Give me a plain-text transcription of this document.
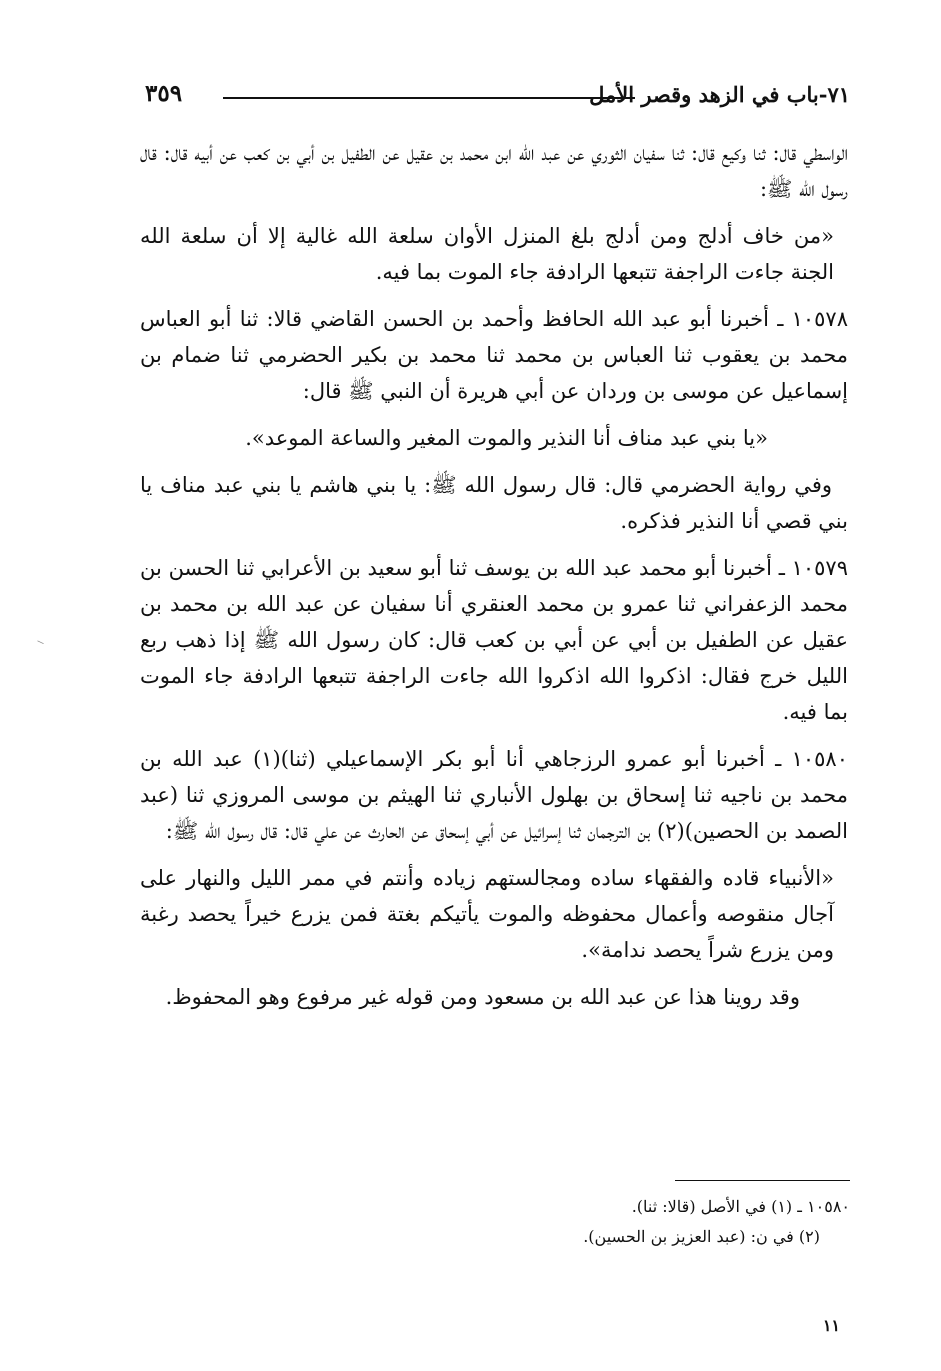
٧١-باب في الزهد وقصر الأمل
٣٥٩

الواسطي قال: ثنا وكيع قال: ثنا سفيان الثوري عن عبد الله ابن محمد بن عقيل عن الطفيل بن أبي بن كعب عن أبيه قال: قال رسول الله ﷺ:

«من خاف أدلج ومن أدلج بلغ المنزل الأوان سلعة الله غالية إلا أن سلعة الله الجنة جاءت الراجفة تتبعها الرادفة جاء الموت بما فيه.

١٠٥٧٨ ـ أخبرنا أبو عبد الله الحافظ وأحمد بن الحسن القاضي قالا: ثنا أبو العباس محمد بن يعقوب ثنا العباس بن محمد ثنا محمد بن بكير الحضرمي ثنا ضمام بن إسماعيل عن موسى بن وردان عن أبي هريرة أن النبي ﷺ قال:

«يا بني عبد مناف أنا النذير والموت المغير والساعة الموعد».

وفي رواية الحضرمي قال: قال رسول الله ﷺ: يا بني هاشم يا بني عبد مناف يا بني قصي أنا النذير فذكره.

١٠٥٧٩ ـ أخبرنا أبو محمد عبد الله بن يوسف ثنا أبو سعيد بن الأعرابي ثنا الحسن بن محمد الزعفراني ثنا عمرو بن محمد العنقري أنا سفيان عن عبد الله بن محمد بن عقيل عن الطفيل بن أبي عن أبي بن كعب قال: كان رسول الله ﷺ إذا ذهب ربع الليل خرج فقال: اذكروا الله اذكروا الله جاءت الراجفة تتبعها الرادفة جاء الموت بما فيه.

١٠٥٨٠ ـ أخبرنا أبو عمرو الرزجاهي أنا أبو بكر الإسماعيلي (ثنا)(١) عبد الله بن محمد بن ناجيه ثنا إسحاق بن بهلول الأنباري ثنا الهيثم بن موسى المروزي ثنا (عبد الصمد بن الحصين)(٢) بن الترجمان ثنا إسرائيل عن أبي إسحاق عن الحارث عن علي قال: قال رسول الله ﷺ:

«الأنبياء قاده والفقهاء ساده ومجالستهم زياده وأنتم في ممر الليل والنهار على آجال منقوصه وأعمال محفوظه والموت يأتيكم بغتة فمن يزرع خيراً يحصد رغبة ومن يزرع شراً يحصد ندامة».

وقد روينا هذا عن عبد الله بن مسعود ومن قوله غير مرفوع وهو المحفوظ.

١٠٥٨٠ ـ (١) في الأصل (قالا: ثنا).
(٢) في ن: (عبد العزيز بن الحسين).
١١
⸝
